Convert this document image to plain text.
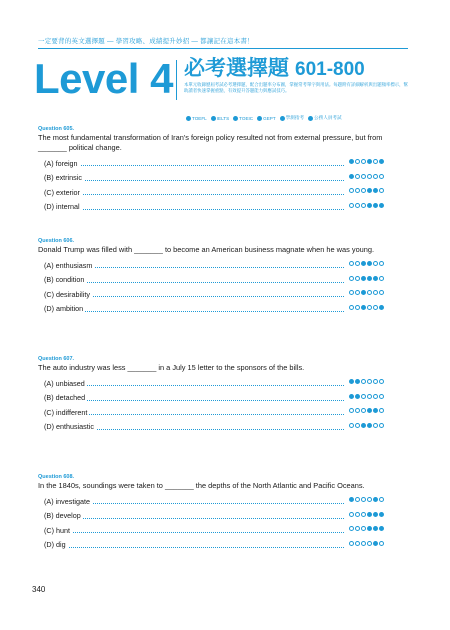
一定要背的英文選擇題 — 學習攻略、成績提升妙招 — 都讓記在這本書！
Level 4 必考選擇題 601-800
本單元收錄歷屆考試必考選擇題，配合出題率分布圖，掌握常考單字與用法。每題附有詳細解析與出題頻率標示，幫助讀者快速掌握重點，有效提升答題能力與應試技巧。
TOEFL IELTS TOEIC GEPT 學測指考 公務人員考試
Question 605.
The most fundamental transformation of Iran's foreign policy resulted not from external pressure, but from _______ political change.
(A) foreign
(B) extrinsic
(C) exterior
(D) internal
Question 606.
Donald Trump was filled with _______ to become an American business magnate when he was young.
(A) enthusiasm
(B) condition
(C) desirability
(D) ambition
Question 607.
The auto industry was less _______ in a July 15 letter to the sponsors of the bills.
(A) unbiased
(B) detached
(C) indifferent
(D) enthusiastic
Question 608.
In the 1840s, soundings were taken to _______ the depths of the North Atlantic and Pacific Oceans.
(A) investigate
(B) develop
(C) hunt
(D) dig
340
